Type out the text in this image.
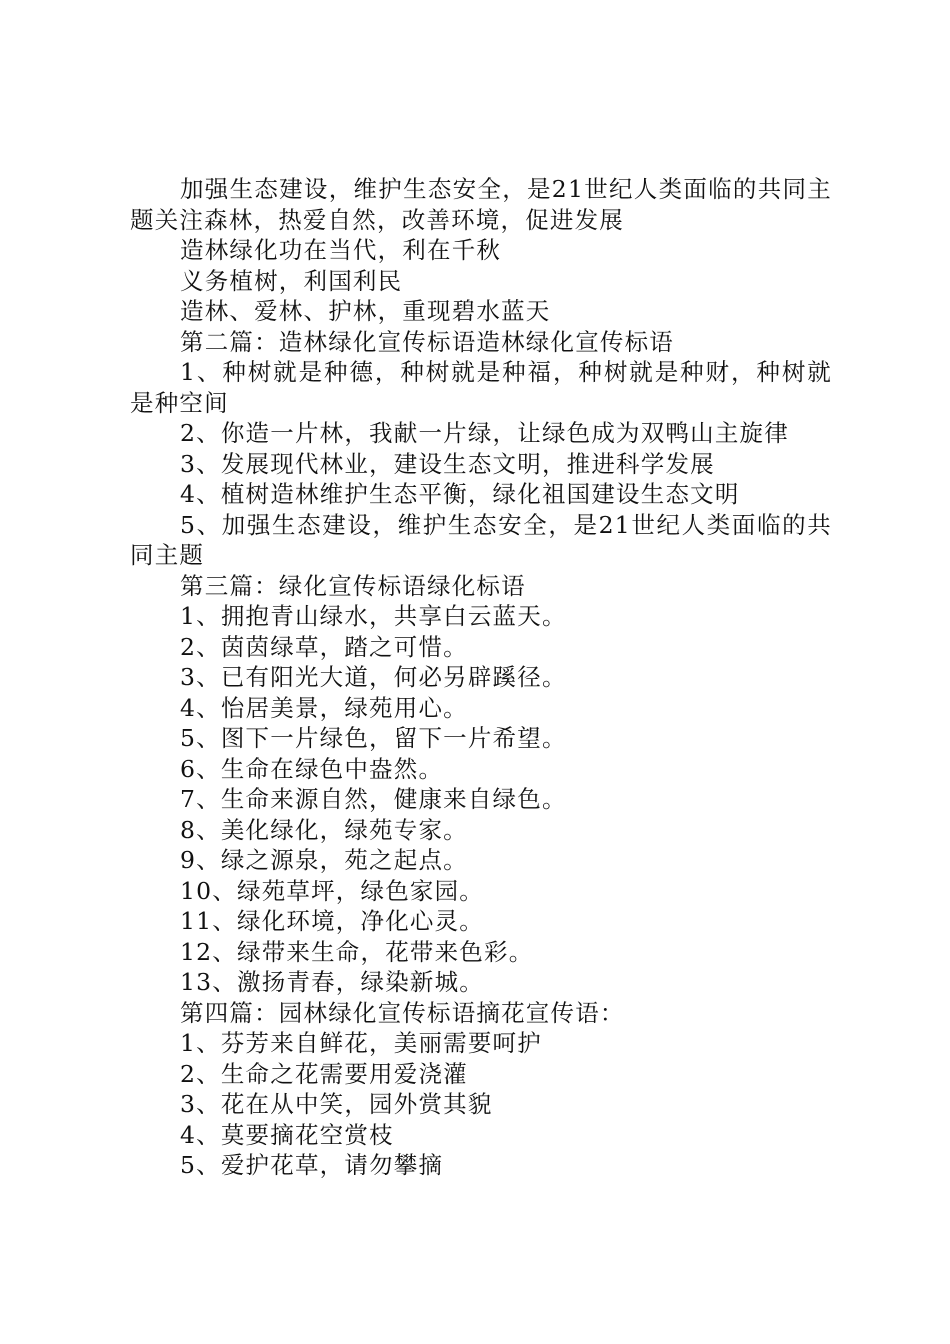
加强生态建设，维护生态安全，是21世纪人类面临的共同主题关注森林，热爱自然，改善环境，促进发展

造林绿化功在当代，利在千秋

义务植树，利国利民

造林、爱林、护林，重现碧水蓝天

第二篇：造林绿化宣传标语造林绿化宣传标语

1、种树就是种德，种树就是种福，种树就是种财，种树就是种空间

2、你造一片林，我献一片绿，让绿色成为双鸭山主旋律

3、发展现代林业，建设生态文明，推进科学发展

4、植树造林维护生态平衡，绿化祖国建设生态文明

5、加强生态建设，维护生态安全，是21世纪人类面临的共同主题

第三篇：绿化宣传标语绿化标语

1、拥抱青山绿水，共享白云蓝天。

2、茵茵绿草，踏之可惜。

3、已有阳光大道，何必另辟蹊径。

4、怡居美景，绿苑用心。

5、图下一片绿色，留下一片希望。

6、生命在绿色中盎然。

7、生命来源自然，健康来自绿色。

8、美化绿化，绿苑专家。

9、绿之源泉，苑之起点。

10、绿苑草坪，绿色家园。

11、绿化环境，净化心灵。

12、绿带来生命，花带来色彩。

13、激扬青春，绿染新城。

第四篇：园林绿化宣传标语摘花宣传语：

1、芬芳来自鲜花，美丽需要呵护

2、生命之花需要用爱浇灌

3、花在从中笑，园外赏其貌

4、莫要摘花空赏枝

5、爱护花草，请勿攀摘
